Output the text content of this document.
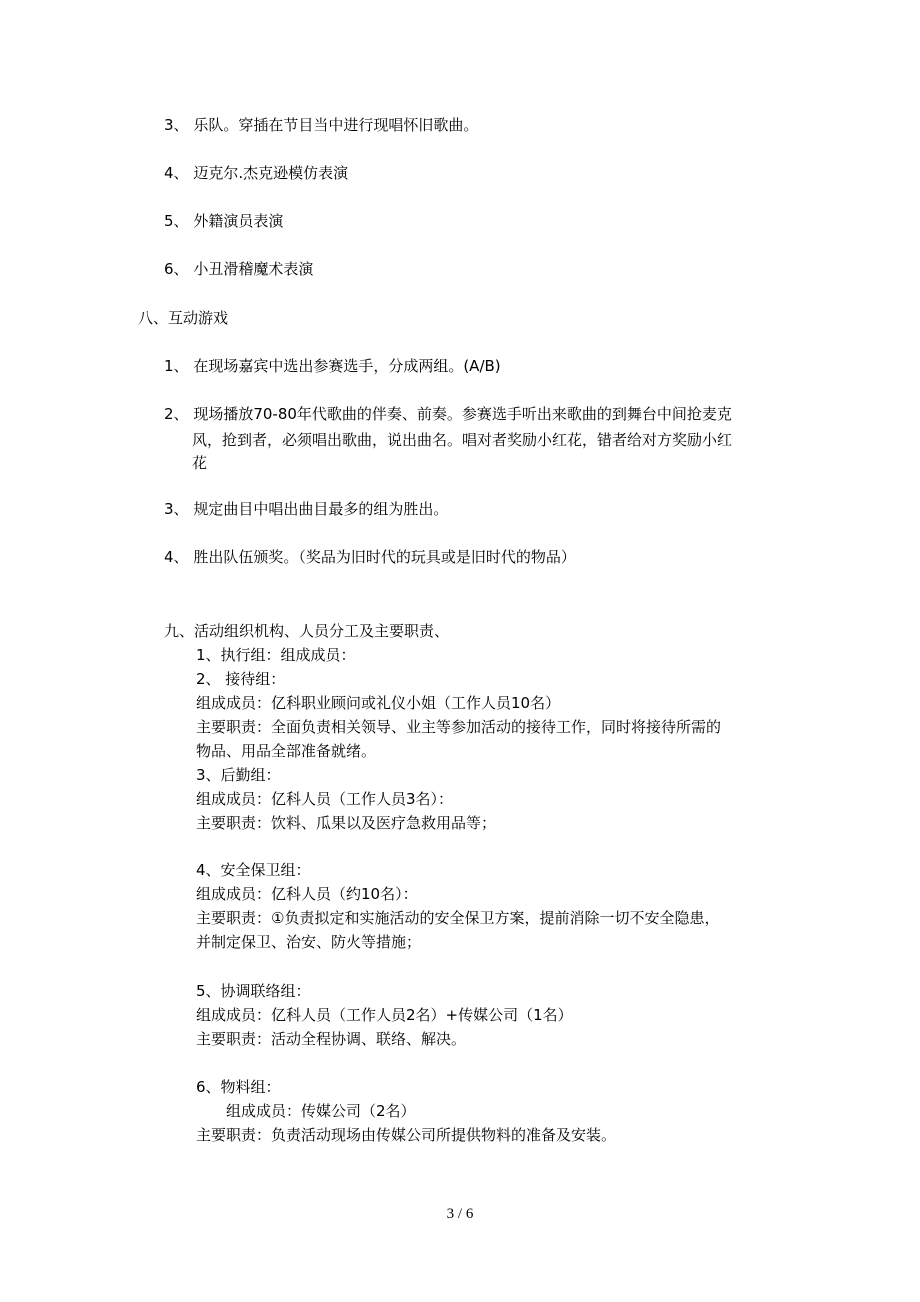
3、 乐队。穿插在节目当中进行现唱怀旧歌曲。
4、 迈克尔.杰克逊模仿表演
5、 外籍演员表演
6、 小丑滑稽魔术表演
八、互动游戏
1、 在现场嘉宾中选出参赛选手，分成两组。(A/B)
2、 现场播放70-80年代歌曲的伴奏、前奏。参赛选手听出来歌曲的到舞台中间抢麦克
风，抢到者，必须唱出歌曲，说出曲名。唱对者奖励小红花，错者给对方奖励小红
花
3、 规定曲目中唱出曲目最多的组为胜出。
4、 胜出队伍颁奖。（奖品为旧时代的玩具或是旧时代的物品）
九、活动组织机构、人员分工及主要职责、
1、执行组：组成成员：
2、 接待组：
组成成员：亿科职业顾问或礼仪小姐（工作人员10名）
主要职责：全面负责相关领导、业主等参加活动的接待工作，同时将接待所需的
物品、用品全部准备就绪。
3、后勤组：
组成成员：亿科人员（工作人员3名）：
主要职责：饮料、瓜果以及医疗急救用品等；
4、安全保卫组：
组成成员：亿科人员（约10名）：
主要职责：①负责拟定和实施活动的安全保卫方案，提前消除一切不安全隐患，
并制定保卫、治安、防火等措施；
5、协调联络组：
组成成员：亿科人员（工作人员2名）+传媒公司（1名）
主要职责：活动全程协调、联络、解决。
6、物料组：
组成成员：传媒公司（2名）
主要职责：负责活动现场由传媒公司所提供物料的准备及安装。
3 / 6
